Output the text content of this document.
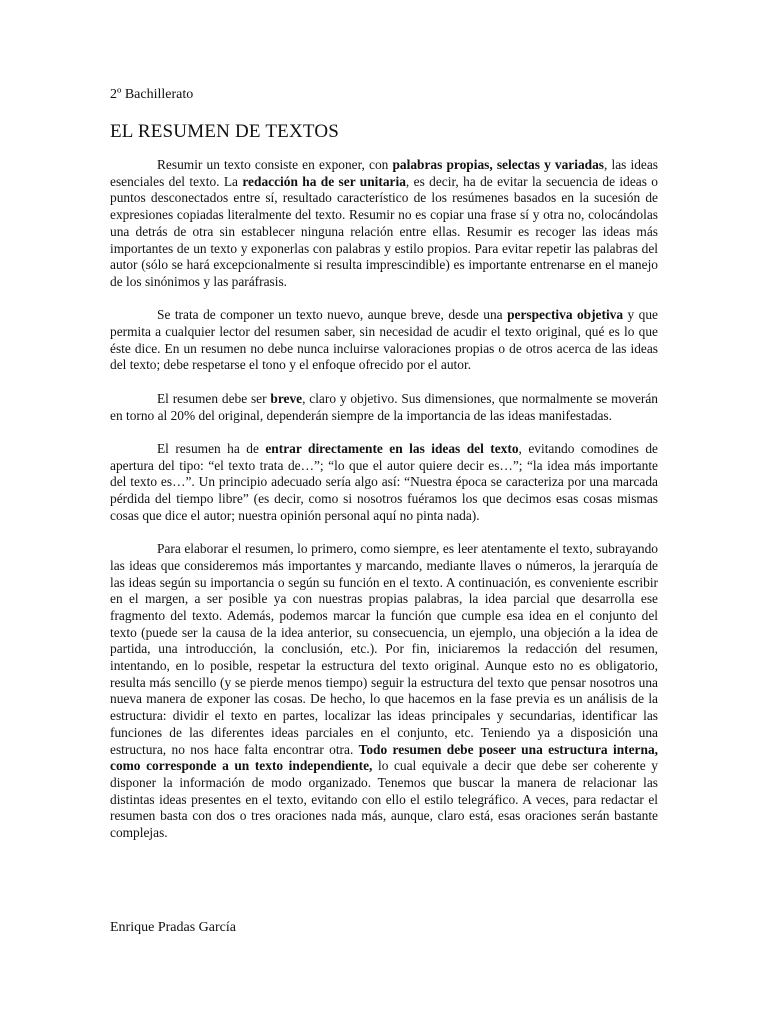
2º Bachillerato

EL RESUMEN DE TEXTOS

Resumir un texto consiste en exponer, con palabras propias, selectas y variadas, las ideas esenciales del texto. La redacción ha de ser unitaria, es decir, ha de evitar la secuencia de ideas o puntos desconectados entre sí, resultado característico de los resúmenes basados en la sucesión de expresiones copiadas literalmente del texto. Resumir no es copiar una frase sí y otra no, colocándolas una detrás de otra sin establecer ninguna relación entre ellas. Resumir es recoger las ideas más importantes de un texto y exponerlas con palabras y estilo propios. Para evitar repetir las palabras del autor (sólo se hará excepcionalmente si resulta imprescindible) es importante entrenarse en el manejo de los sinónimos y las paráfrasis.

Se trata de componer un texto nuevo, aunque breve, desde una perspectiva objetiva y que permita a cualquier lector del resumen saber, sin necesidad de acudir el texto original, qué es lo que éste dice. En un resumen no debe nunca incluirse valoraciones propias o de otros acerca de las ideas del texto; debe respetarse el tono y el enfoque ofrecido por el autor.

El resumen debe ser breve, claro y objetivo. Sus dimensiones, que normalmente se moverán en torno al 20% del original, dependerán siempre de la importancia de las ideas manifestadas.

El resumen ha de entrar directamente en las ideas del texto, evitando comodines de apertura del tipo: “el texto trata de…”; “lo que el autor quiere decir es…”; “la idea más importante del texto es…”. Un principio adecuado sería algo así: “Nuestra época se caracteriza por una marcada pérdida del tiempo libre” (es decir, como si nosotros fuéramos los que decimos esas cosas mismas cosas que dice el autor; nuestra opinión personal aquí no pinta nada).

Para elaborar el resumen, lo primero, como siempre, es leer atentamente el texto, subrayando las ideas que consideremos más importantes y marcando, mediante llaves o números, la jerarquía de las ideas según su importancia o según su función en el texto. A continuación, es conveniente escribir en el margen, a ser posible ya con nuestras propias palabras, la idea parcial que desarrolla ese fragmento del texto. Además, podemos marcar la función que cumple esa idea en el conjunto del texto (puede ser la causa de la idea anterior, su consecuencia, un ejemplo, una objeción a la idea de partida, una introducción, la conclusión, etc.). Por fin, iniciaremos la redacción del resumen, intentando, en lo posible, respetar la estructura del texto original. Aunque esto no es obligatorio, resulta más sencillo (y se pierde menos tiempo) seguir la estructura del texto que pensar nosotros una nueva manera de exponer las cosas. De hecho, lo que hacemos en la fase previa es un análisis de la estructura: dividir el texto en partes, localizar las ideas principales y secundarias, identificar las funciones de las diferentes ideas parciales en el conjunto, etc. Teniendo ya a disposición una estructura, no nos hace falta encontrar otra. Todo resumen debe poseer una estructura interna, como corresponde a un texto independiente, lo cual equivale a decir que debe ser coherente y disponer la información de modo organizado. Tenemos que buscar la manera de relacionar las distintas ideas presentes en el texto, evitando con ello el estilo telegráfico. A veces, para redactar el resumen basta con dos o tres oraciones nada más, aunque, claro está, esas oraciones serán bastante complejas.

Enrique Pradas García
